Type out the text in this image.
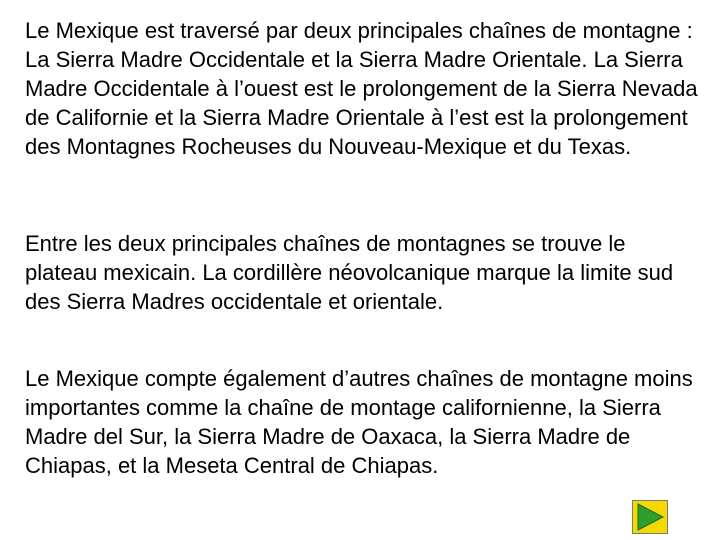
Le Mexique est traversé par deux principales chaînes de montagne : La Sierra Madre Occidentale et la Sierra Madre Orientale. La Sierra Madre Occidentale à l’ouest est le prolongement de la Sierra Nevada de Californie et la Sierra Madre Orientale à l’est est la prolongement des Montagnes Rocheuses du Nouveau-Mexique et du Texas.

Entre les deux principales chaînes de montagnes se trouve le plateau mexicain. La cordillère néovolcanique marque la limite sud des Sierra Madres occidentale et orientale.

Le Mexique compte également d’autres chaînes de montagne moins importantes comme la chaîne de montage californienne, la Sierra Madre del Sur, la Sierra Madre de Oaxaca, la Sierra Madre de Chiapas, et la Meseta Central de Chiapas.
